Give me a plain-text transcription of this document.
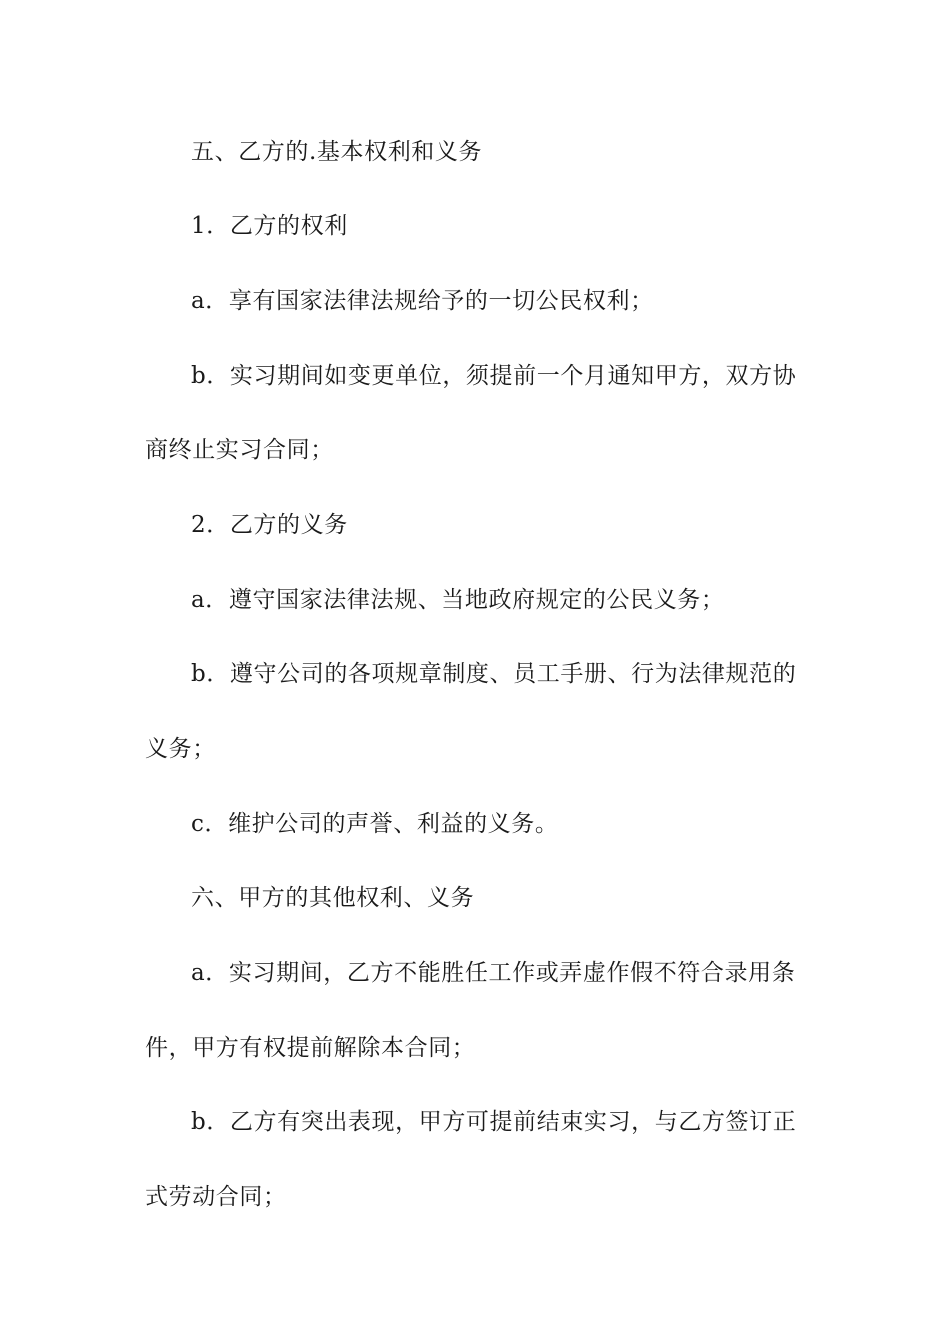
五、乙方的.基本权利和义务
1．乙方的权利
a．享有国家法律法规给予的一切公民权利；
b．实习期间如变更单位，须提前一个月通知甲方，双方协
商终止实习合同；
2．乙方的义务
a．遵守国家法律法规、当地政府规定的公民义务；
b．遵守公司的各项规章制度、员工手册、行为法律规范的
义务；
c．维护公司的声誉、利益的义务。
六、甲方的其他权利、义务
a．实习期间，乙方不能胜任工作或弄虚作假不符合录用条
件，甲方有权提前解除本合同；
b．乙方有突出表现，甲方可提前结束实习，与乙方签订正
式劳动合同；
